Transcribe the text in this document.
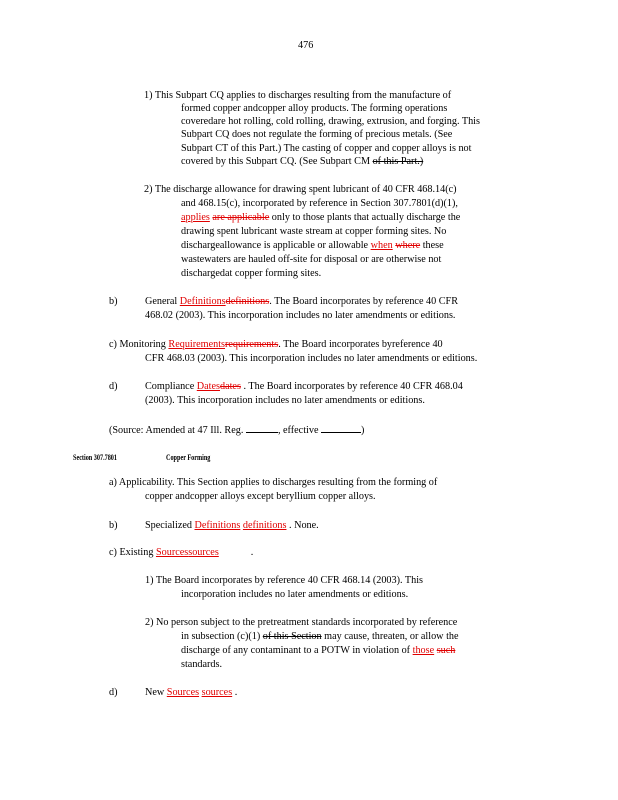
476
1) This Subpart CQ applies to discharges resulting from the manufacture of
formed copper andcopper alloy products. The forming operations
coveredare hot rolling, cold rolling, drawing, extrusion, and forging. This
Subpart CQ does not regulate the forming of precious metals. (See
Subpart CT of this Part.) The casting of copper and copper alloys is not
covered by this Subpart CQ. (See Subpart CM of this Part.)
2) The discharge allowance for drawing spent lubricant of 40 CFR 468.14(c)
and 468.15(c), incorporated by reference in Section 307.7801(d)(1),
applies are applicable only to those plants that actually discharge the
drawing spent lubricant waste stream at copper forming sites. No
dischargeallowance is applicable or allowable when where these
wastewaters are hauled off-site for disposal or are otherwise not
dischargedat copper forming sites.
b)	General Definitionsdefinitions. The Board incorporates by reference 40 CFR
468.02 (2003). This incorporation includes no later amendments or editions.
c) Monitoring Requirementsrequirements. The Board incorporates byreference 40
CFR 468.03 (2003). This incorporation includes no later amendments or editions.
d)	Compliance Datesdates . The Board incorporates by reference 40 CFR 468.04
(2003). This incorporation includes no later amendments or editions.
(Source: Amended at 47 Ill. Reg.	, effective	)
Section 307.7801	Copper Forming
a) Applicability. This Section applies to discharges resulting from the forming of
copper andcopper alloys except beryllium copper alloys.
b)	Specialized Definitions definitions . None.
c) Existing Sourcessources	.
1) The Board incorporates by reference 40 CFR 468.14 (2003). This
incorporation includes no later amendments or editions.
2) No person subject to the pretreatment standards incorporated by reference
in subsection (c)(1) of this Section may cause, threaten, or allow the
discharge of any contaminant to a POTW in violation of those such
standards.
d)	New Sources sources .
